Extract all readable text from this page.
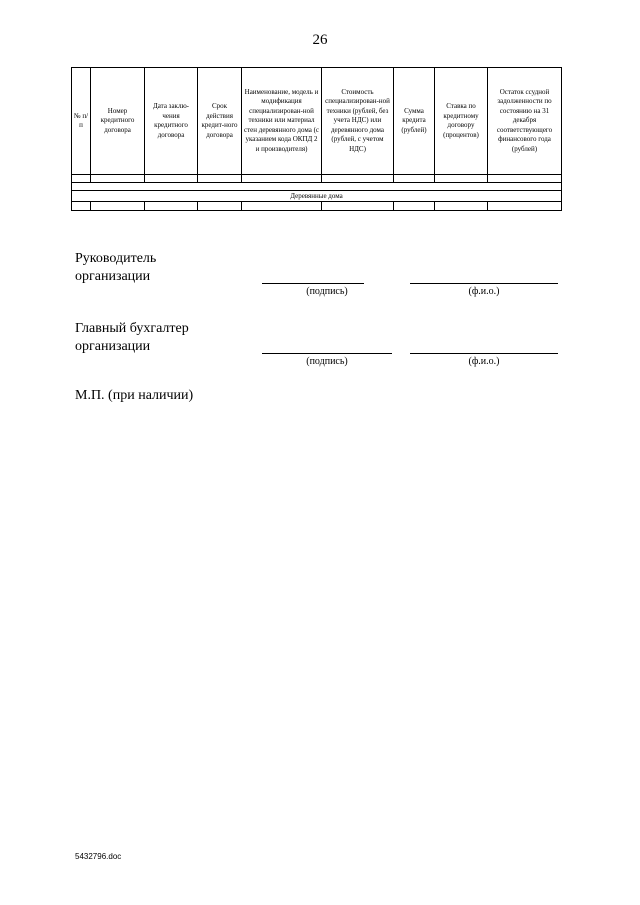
26
№ п/п	Номер кредитного договора	Дата заклю-чения кредитного договора	Срок действия кредит-ного договора	Наименование, модель и модификация специализирован-ной техники или материал стен деревянного дома (с указанием кода ОКПД 2 и производителя)	Стоимость специализирован-ной техники (рублей, без учета НДС) или деревянного дома (рублей, с учетом НДС)	Сумма кредита (рублей)	Ставка по кредитному договору (процентов)	Остаток ссудной задолженности по состоянию на 31 декабря соответствующего финансового года (рублей)

Деревянные дома								

Руководитель
организации
(подпись)	(ф.и.о.)
Главный бухгалтер
организации
(подпись)	(ф.и.о.)
М.П. (при наличии)
5432796.doc
